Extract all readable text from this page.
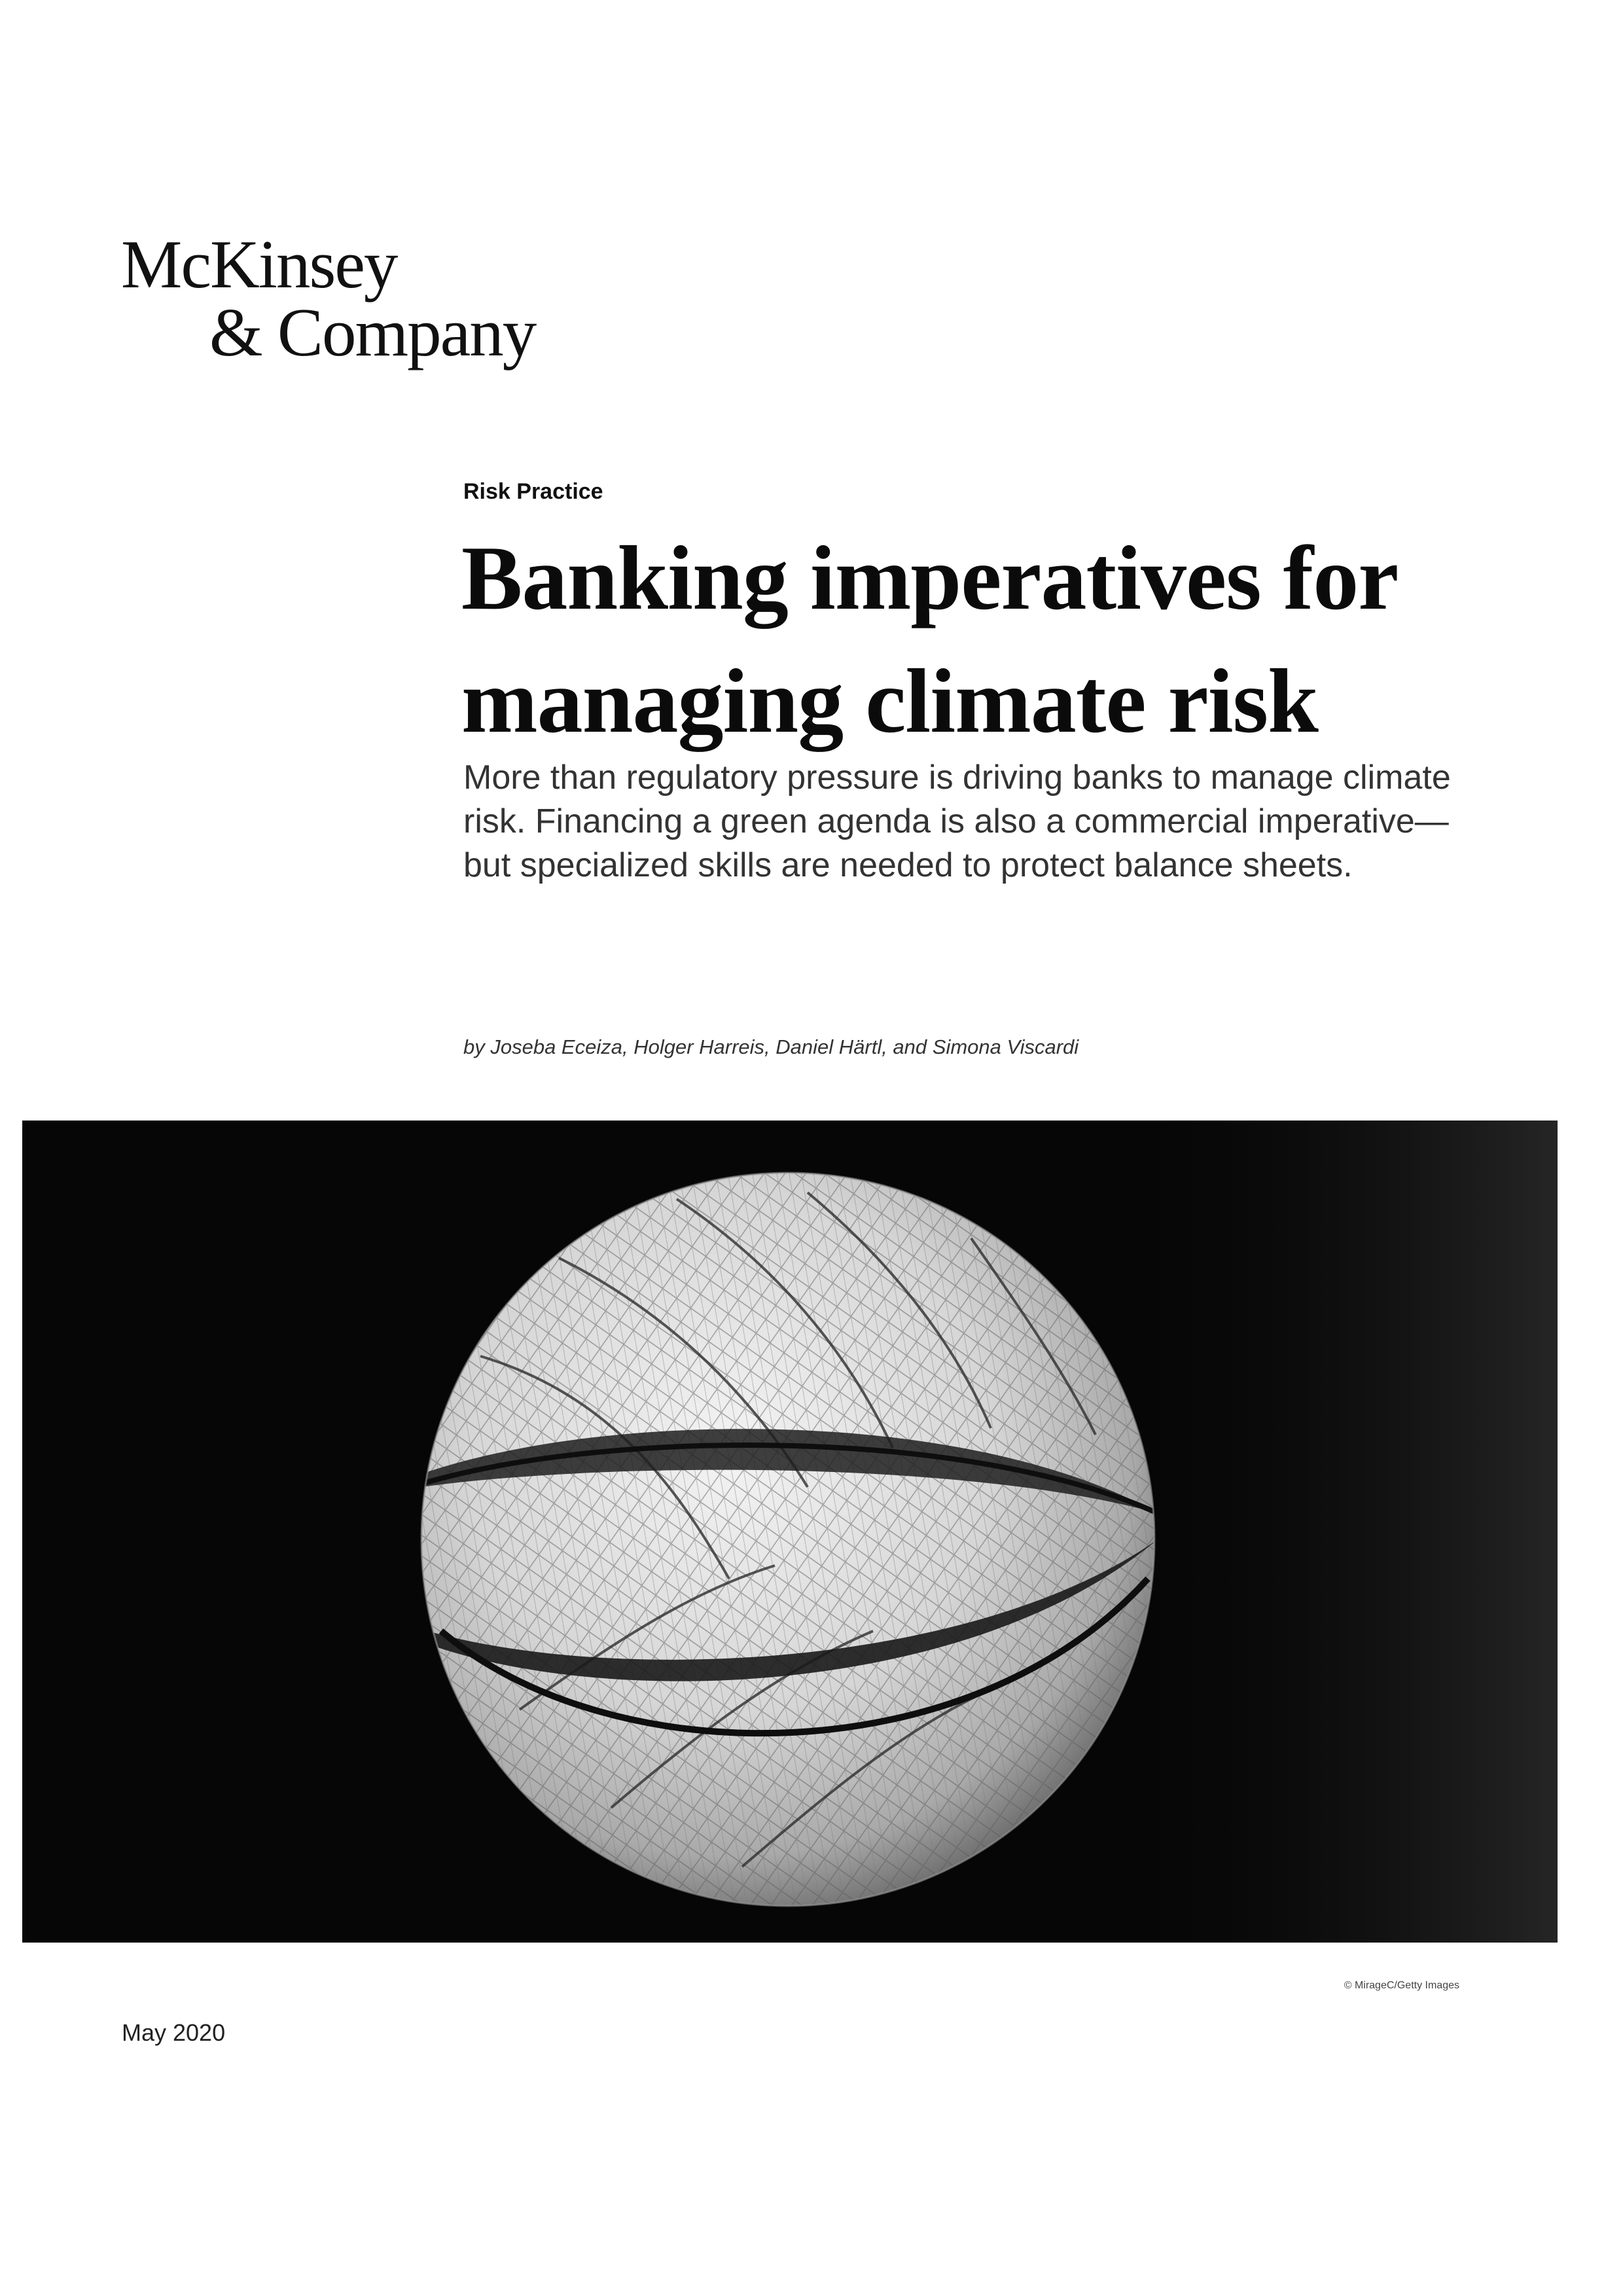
McKinsey
& Company
Risk Practice
Banking imperatives for managing climate risk

More than regulatory pressure is driving banks to manage climate risk. Financing a green agenda is also a commercial imperative—but specialized skills are needed to protect balance sheets.

by Joseba Eceiza, Holger Harreis, Daniel Härtl, and Simona Viscardi
© MirageC/Getty Images
May 2020
